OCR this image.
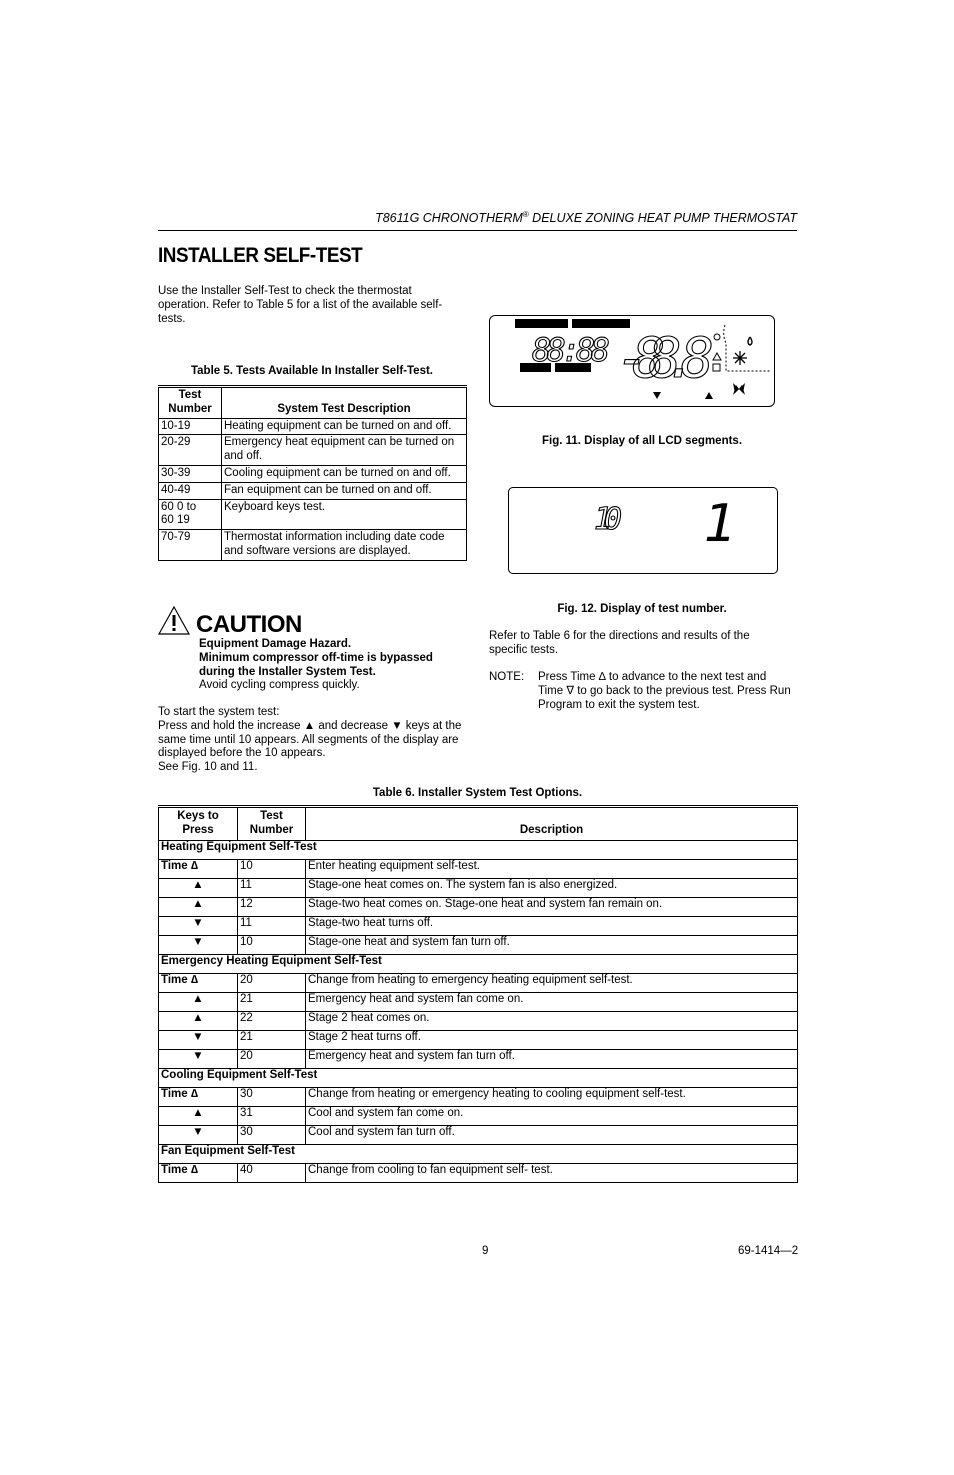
T8611G CHRONOTHERM® DELUXE ZONING HEAT PUMP THERMOSTAT
INSTALLER SELF-TEST
Use the Installer Self-Test to check the thermostat operation. Refer to Table 5 for a list of the available self-tests.
Table 5. Tests Available In Installer Self-Test.
Test Number	System Test Description
10-19	Heating equipment can be turned on and off.
20-29	Emergency heat equipment can be turned on and off.
30-39	Cooling equipment can be turned on and off.
40-49	Fan equipment can be turned on and off.
60 0 to
60 19	Keyboard keys test.
70-79	Thermostat information including date code and software versions are displayed.
CAUTION
Equipment Damage Hazard.
Minimum compressor off-time is bypassed during the Installer System Test.
Avoid cycling compress quickly.
To start the system test:
Press and hold the increase ▲ and decrease ▼ keys at the same time until 10 appears. All segments of the display are displayed before the 10 appears.
See Fig. 10 and 11.
88:88 -88.8
Fig. 11. Display of all LCD segments.
10 1
Fig. 12. Display of test number.
Refer to Table 6 for the directions and results of the specific tests.
NOTE: Press Time ∆ to advance to the next test and Time ∇ to go back to the previous test. Press Run Program to exit the system test.
Table 6. Installer System Test Options.
Keys to Press	Test Number	Description
Heating Equipment Self-Test		
Time ∆	10	Enter heating equipment self-test.
▲	11	Stage-one heat comes on. The system fan is also energized.
▲	12	Stage-two heat comes on. Stage-one heat and system fan remain on.
▼	11	Stage-two heat turns off.
▼	10	Stage-one heat and system fan turn off.
Emergency Heating Equipment Self-Test		
Time ∆	20	Change from heating to emergency heating equipment self-test.
▲	21	Emergency heat and system fan come on.
▲	22	Stage 2 heat comes on.
▼	21	Stage 2 heat turns off.
▼	20	Emergency heat and system fan turn off.
Cooling Equipment Self-Test		
Time ∆	30	Change from heating or emergency heating to cooling equipment self-test.
▲	31	Cool and system fan come on.
▼	30	Cool and system fan turn off.
Fan Equipment Self-Test		
Time ∆	40	Change from cooling to fan equipment self- test.
9	69-1414—2
